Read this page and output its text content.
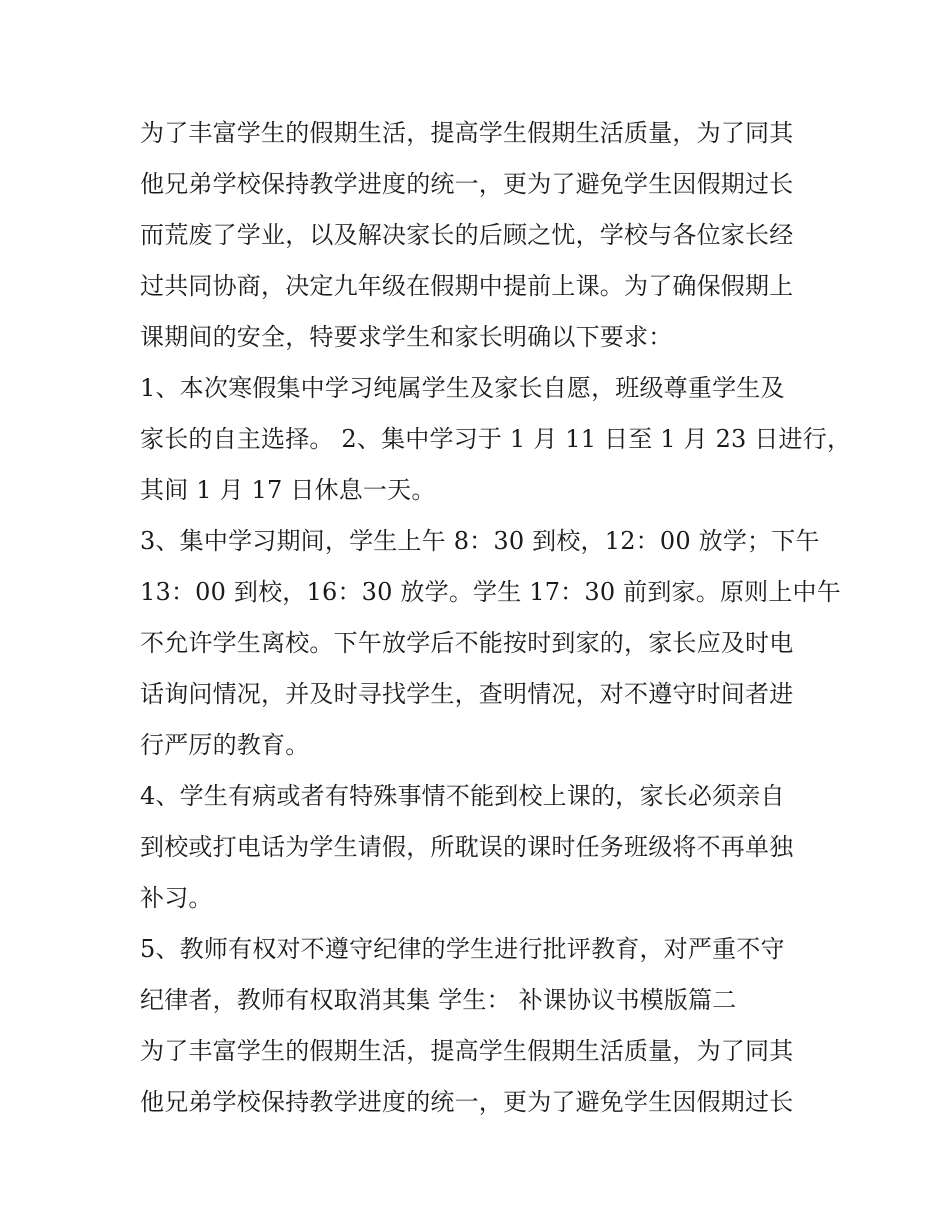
为了丰富学生的假期生活，提高学生假期生活质量，为了同其
他兄弟学校保持教学进度的统一，更为了避免学生因假期过长
而荒废了学业，以及解决家长的后顾之忧，学校与各位家长经
过共同协商，决定九年级在假期中提前上课。为了确保假期上
课期间的安全，特要求学生和家长明确以下要求：
1、本次寒假集中学习纯属学生及家长自愿，班级尊重学生及
家长的自主选择。 2、集中学习于 1 月 11 日至 1 月 23 日进行，
其间 1 月 17 日休息一天。
3、集中学习期间，学生上午 8：30 到校，12：00 放学；下午
13：00 到校，16：30 放学。学生 17：30 前到家。原则上中午
不允许学生离校。下午放学后不能按时到家的，家长应及时电
话询问情况，并及时寻找学生，查明情况，对不遵守时间者进
行严厉的教育。
4、学生有病或者有特殊事情不能到校上课的，家长必须亲自
到校或打电话为学生请假，所耽误的课时任务班级将不再单独
补习。
5、教师有权对不遵守纪律的学生进行批评教育，对严重不守
纪律者，教师有权取消其集 学生： 补课协议书模版篇二
为了丰富学生的假期生活，提高学生假期生活质量，为了同其
他兄弟学校保持教学进度的统一，更为了避免学生因假期过长
